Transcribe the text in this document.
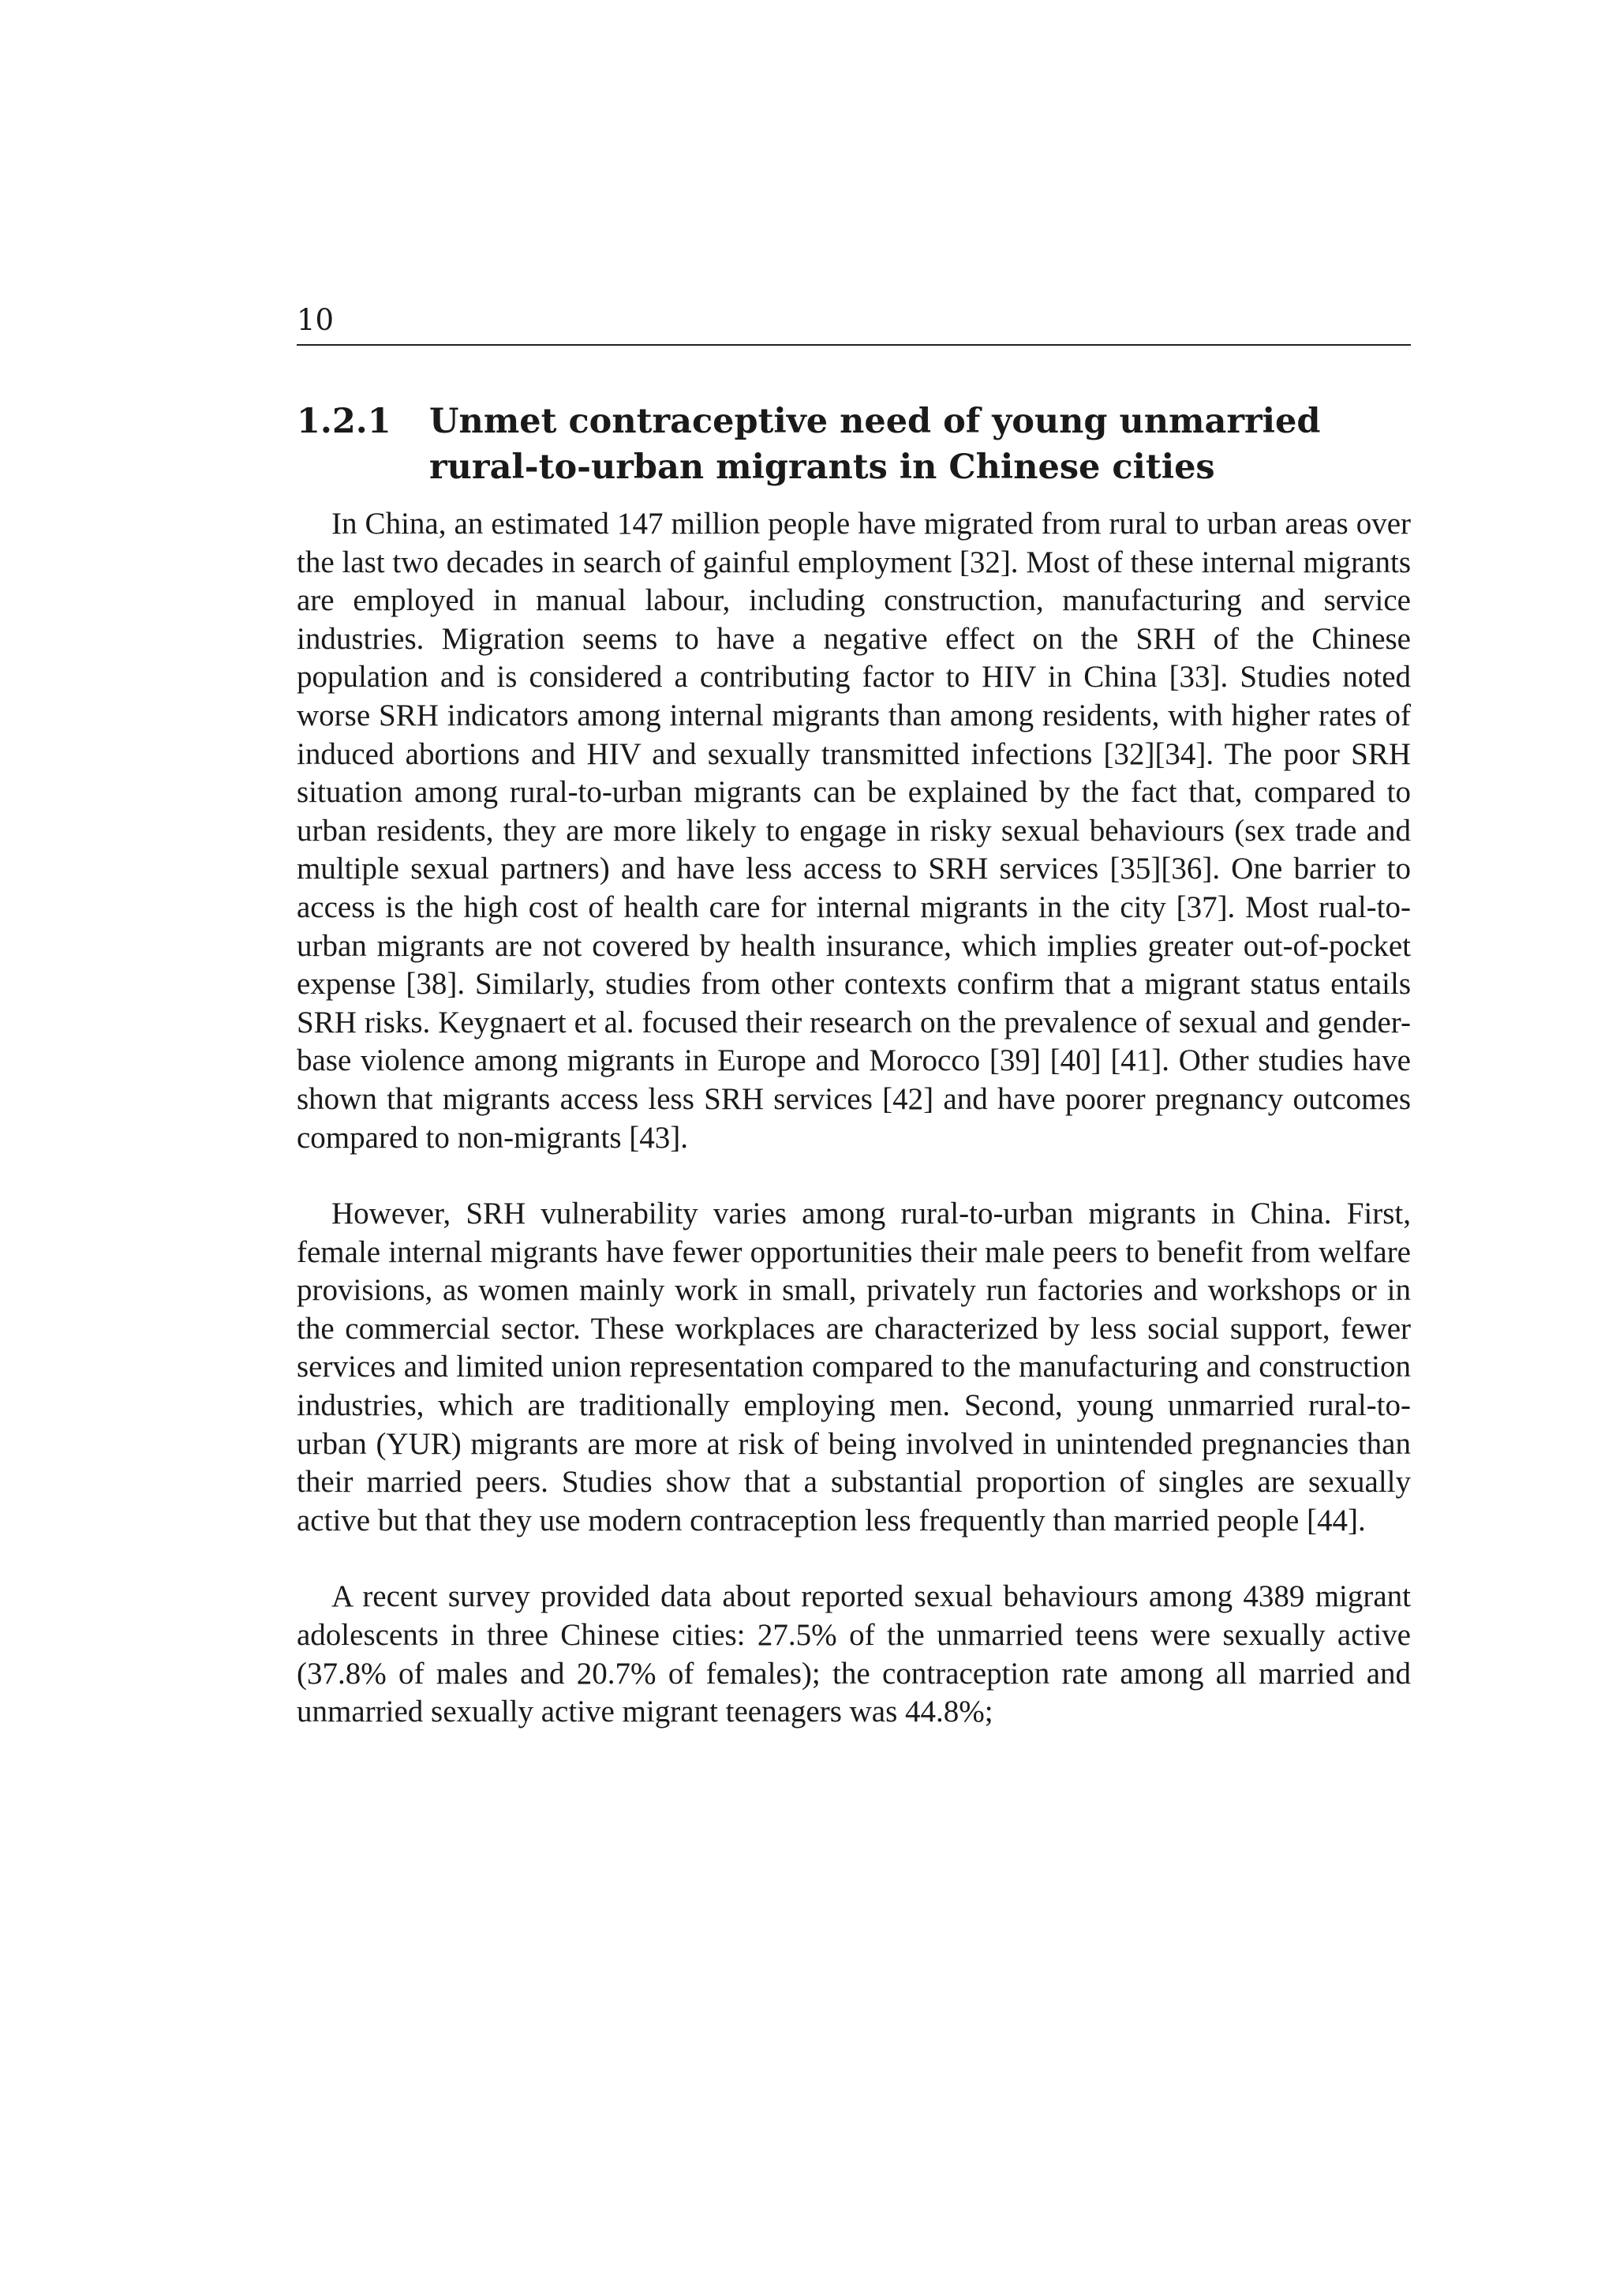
10
1.2.1 Unmet contraceptive need of young unmarried rural-to-urban migrants in Chinese cities

In China, an estimated 147 million people have migrated from rural to urban areas over the last two decades in search of gainful employment [32]. Most of these internal migrants are employed in manual labour, including construction, manufacturing and service industries. Migration seems to have a negative effect on the SRH of the Chinese population and is considered a contributing factor to HIV in China [33]. Studies noted worse SRH indicators among internal migrants than among residents, with higher rates of induced abortions and HIV and sexually transmitted infections [32][34]. The poor SRH situation among rural-to-urban migrants can be explained by the fact that, compared to urban residents, they are more likely to engage in risky sexual behaviours (sex trade and multiple sexual partners) and have less access to SRH services [35][36]. One barrier to access is the high cost of health care for internal migrants in the city [37]. Most rual-to-urban migrants are not covered by health insurance, which implies greater out-of-pocket expense [38]. Similarly, studies from other contexts confirm that a migrant status entails SRH risks. Keygnaert et al. focused their research on the prevalence of sexual and gender-base violence among migrants in Europe and Morocco [39] [40] [41]. Other studies have shown that migrants access less SRH services [42] and have poorer pregnancy outcomes compared to non-migrants [43].

However, SRH vulnerability varies among rural-to-urban migrants in China. First, female internal migrants have fewer opportunities their male peers to benefit from welfare provisions, as women mainly work in small, privately run factories and workshops or in the commercial sector. These workplaces are characterized by less social support, fewer services and limited union representation compared to the manufacturing and construction industries, which are traditionally employing men. Second, young unmarried rural-to-urban (YUR) migrants are more at risk of being involved in unintended pregnancies than their married peers. Studies show that a substantial proportion of singles are sexually active but that they use modern contraception less frequently than married people [44].

A recent survey provided data about reported sexual behaviours among 4389 migrant adolescents in three Chinese cities: 27.5% of the unmarried teens were sexually active (37.8% of males and 20.7% of females); the contraception rate among all married and unmarried sexually active migrant teenagers was 44.8%;
